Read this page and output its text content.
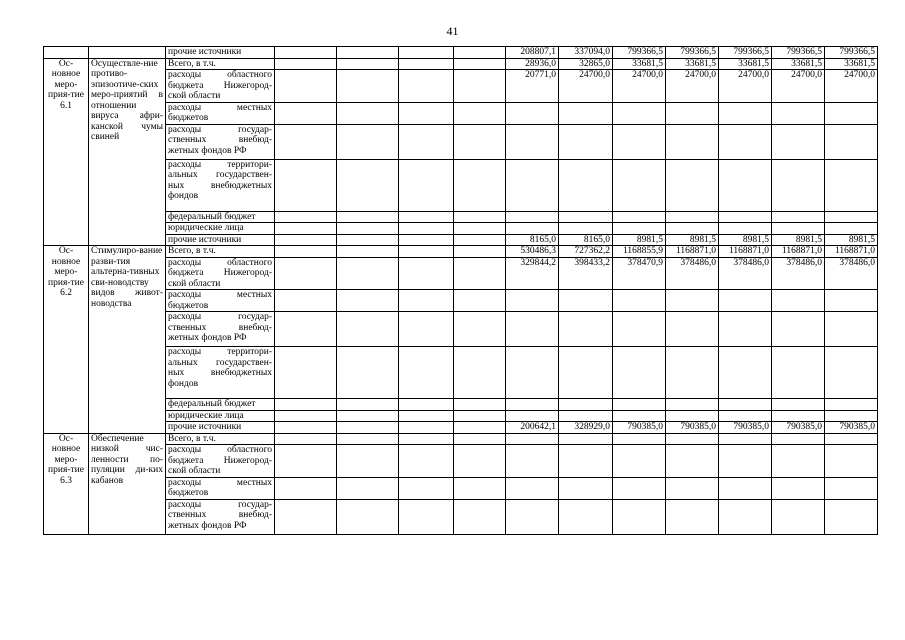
41
		прочие источники					208807,1	337094,0	799366,5	799366,5	799366,5	799366,5	799366,5
Ос-новное меро-прия-тие 6.1	Осуществле-ние противо-эпизоотиче-ских меро-приятий в отношении вируса афри-канской чумы свиней	Всего, в т.ч.					28936,0	32865,0	33681,5	33681,5	33681,5	33681,5	33681,5
		расходы областного бюджета Нижегород-ской области					20771,0	24700,0	24700,0	24700,0	24700,0	24700,0	24700,0
		расходы местных бюджетов											
		расходы государ-ственных внебюд-жетных фондов РФ											
		расходы территори-альных государствен-ных внебюджетных фондов											
		федеральный бюджет											
		юридические лица											
		прочие источники					8165,0	8165,0	8981,5	8981,5	8981,5	8981,5	8981,5
Ос-новное меро-прия-тие 6.2	Стимулиро-вание разви-тия альтерна-тивных сви-новодству видов живот-новодства	Всего, в т.ч.					530486,3	727362,2	1168855,9	1168871,0	1168871,0	1168871,0	1168871,0
		расходы областного бюджета Нижегород-ской области					329844,2	398433,2	378470,9	378486,0	378486,0	378486,0	378486,0
		расходы местных бюджетов											
		расходы государ-ственных внебюд-жетных фондов РФ											
		расходы территори-альных государствен-ных внебюджетных фондов											
		федеральный бюджет											
		юридические лица											
		прочие источники					200642,1	328929,0	790385,0	790385,0	790385,0	790385,0	790385,0
Ос-новное меро-прия-тие 6.3	Обеспечение низкой чис-ленности по-пуляции ди-ких кабанов	Всего, в т.ч.											
		расходы областного бюджета Нижегород-ской области											
		расходы местных бюджетов											
		расходы государ-ственных внебюд-жетных фондов РФ											
